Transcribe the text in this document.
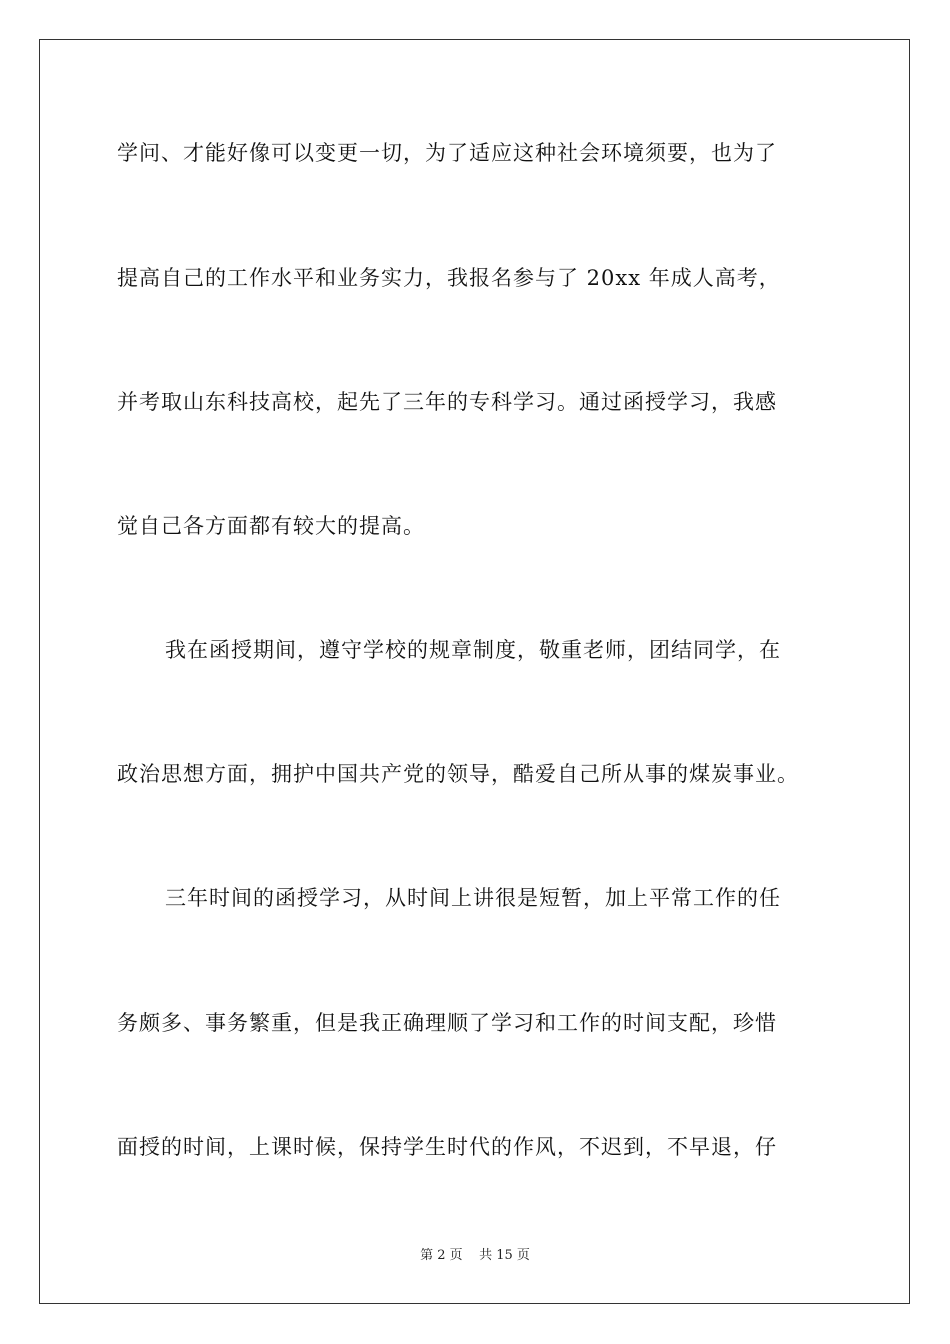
学问、才能好像可以变更一切，为了适应这种社会环境须要，也为了
提高自己的工作水平和业务实力，我报名参与了 20xx 年成人高考，
并考取山东科技高校，起先了三年的专科学习。通过函授学习，我感
觉自己各方面都有较大的提高。
我在函授期间，遵守学校的规章制度，敬重老师，团结同学，在
政治思想方面，拥护中国共产党的领导，酷爱自己所从事的煤炭事业。
三年时间的函授学习，从时间上讲很是短暂，加上平常工作的任
务颇多、事务繁重，但是我正确理顺了学习和工作的时间支配，珍惜
面授的时间，上课时候，保持学生时代的作风，不迟到，不早退，仔
第 2 页    共 15 页
